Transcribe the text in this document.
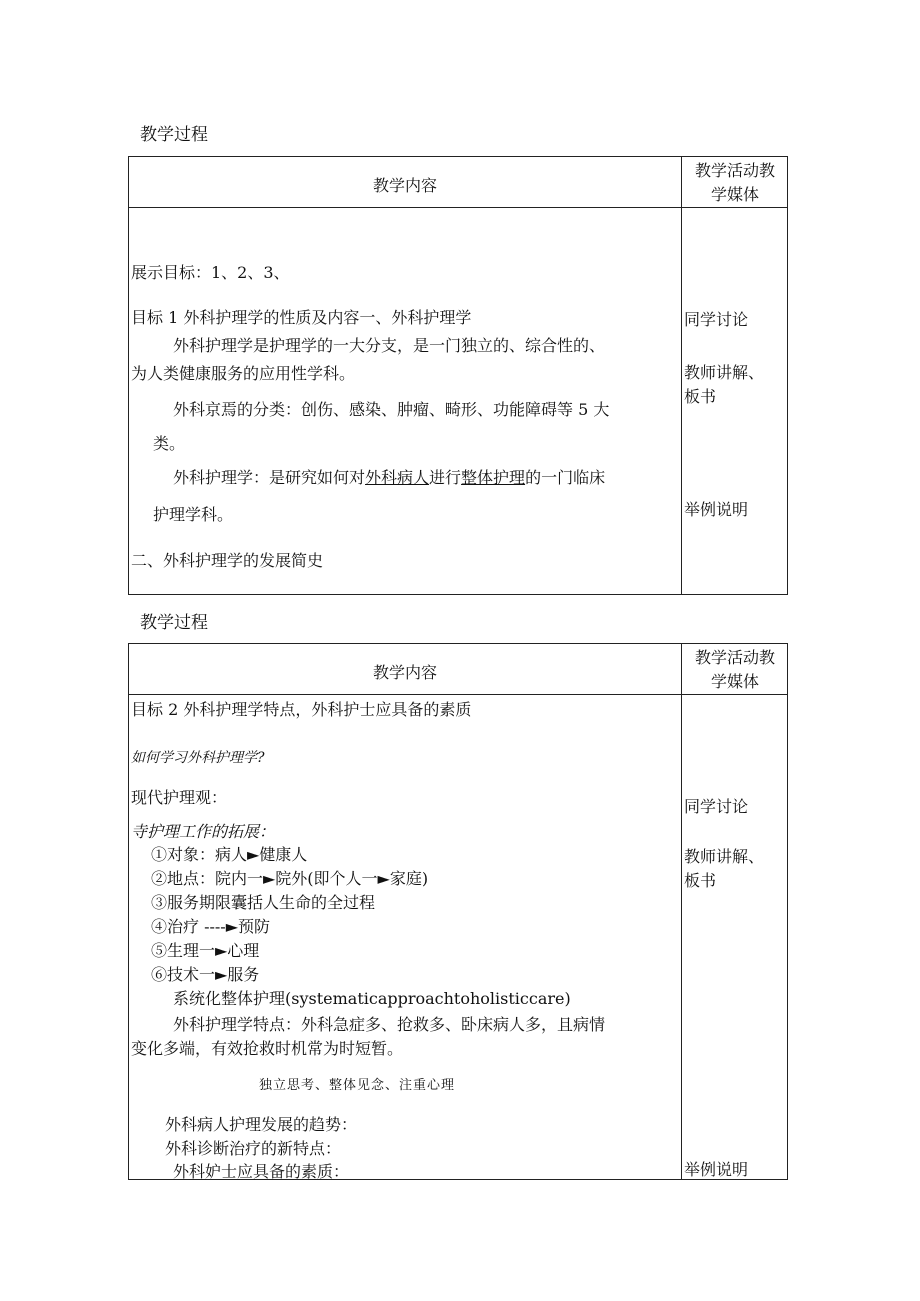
教学过程
教学内容
教学活动教
学媒体
展示目标：1、2、3、
目标 1 外科护理学的性质及内容一、外科护理学
外科护理学是护理学的一大分支，是一门独立的、综合性的、
为人类健康服务的应用性学科。
外科京焉的分类：创伤、感染、肿瘤、畸形、功能障碍等 5 大
类。
外科护理学：是研究如何对外科病人进行整体护理的一门临床
护理学科。
二、外科护理学的发展简史
同学讨论
教师讲解、
板书
举例说明
教学过程
教学内容
教学活动教
学媒体
目标 2 外科护理学特点，外科护士应具备的素质
如何学习外科护理学?
现代护理观：
寺护理工作的拓展：
①对象：病人►健康人
②地点：院内一►院外(即个人一►家庭)
③服务期限囊括人生命的全过程
④治疗 ----►预防
⑤生理一►心理
⑥技术一►服务
系统化整体护理(systematicapproachtoholisticcare)
外科护理学特点：外科急症多、抢救多、卧床病人多，且病情
变化多端，有效抢救时机常为时短暂。
独立思考、整体见念、注重心理
外科病人护理发展的趋势：
外科诊断治疗的新特点：
外科妒士应具备的素质：
同学讨论
教师讲解、
板书
举例说明
